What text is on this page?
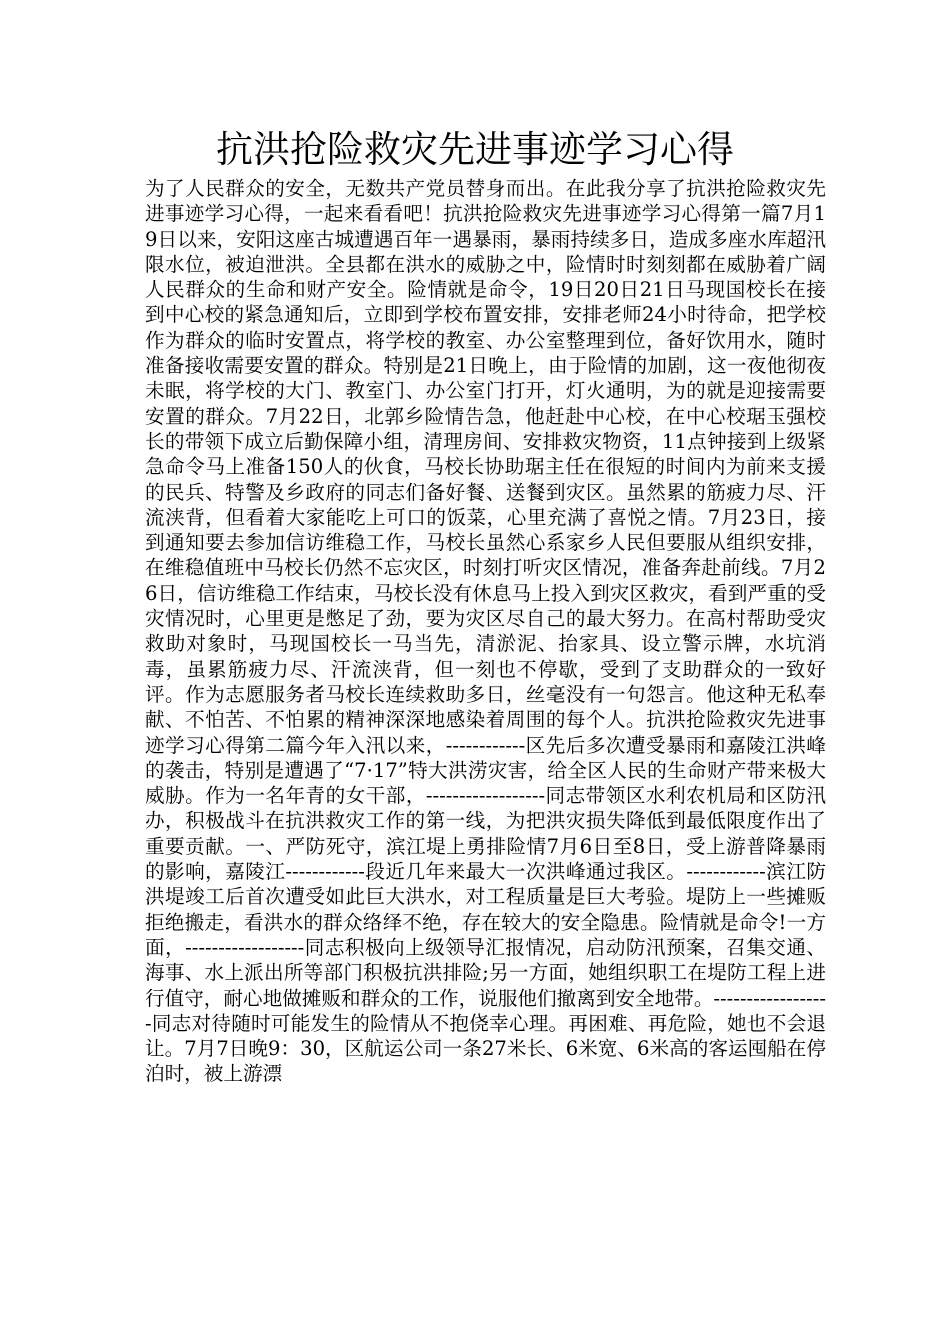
抗洪抢险救灾先进事迹学习心得

为了人民群众的安全，无数共产党员替身而出。在此我分享了抗洪抢险救灾先进事迹学习心得，一起来看看吧！抗洪抢险救灾先进事迹学习心得第一篇7月19日以来，安阳这座古城遭遇百年一遇暴雨，暴雨持续多日，造成多座水库超汛限水位，被迫泄洪。全县都在洪水的威胁之中，险情时时刻刻都在威胁着广阔人民群众的生命和财产安全。险情就是命令，19日20日21日马现国校长在接到中心校的紧急通知后，立即到学校布置安排，安排老师24小时待命，把学校作为群众的临时安置点，将学校的教室、办公室整理到位，备好饮用水，随时准备接收需要安置的群众。特别是21日晚上，由于险情的加剧，这一夜他彻夜未眠，将学校的大门、教室门、办公室门打开，灯火通明，为的就是迎接需要安置的群众。7月22日，北郭乡险情告急，他赶赴中心校，在中心校琚玉强校长的带领下成立后勤保障小组，清理房间、安排救灾物资，11点钟接到上级紧急命令马上准备150人的伙食，马校长协助琚主任在很短的时间内为前来支援的民兵、特警及乡政府的同志们备好餐、送餐到灾区。虽然累的筋疲力尽、汗流浃背，但看着大家能吃上可口的饭菜，心里充满了喜悦之情。7月23日，接到通知要去参加信访维稳工作，马校长虽然心系家乡人民但要服从组织安排，在维稳值班中马校长仍然不忘灾区，时刻打听灾区情况，准备奔赴前线。7月26日，信访维稳工作结束，马校长没有休息马上投入到灾区救灾，看到严重的受灾情况时，心里更是憋足了劲，要为灾区尽自己的最大努力。在高村帮助受灾救助对象时，马现国校长一马当先，清淤泥、抬家具、设立警示牌，水坑消毒，虽累筋疲力尽、汗流浃背，但一刻也不停歇，受到了支助群众的一致好评。作为志愿服务者马校长连续救助多日，丝毫没有一句怨言。他这种无私奉献、不怕苦、不怕累的精神深深地感染着周围的每个人。抗洪抢险救灾先进事迹学习心得第二篇今年入汛以来，------------区先后多次遭受暴雨和嘉陵江洪峰的袭击，特别是遭遇了“7·17”特大洪涝灾害，给全区人民的生命财产带来极大威胁。作为一名年青的女干部，------------------同志带领区水利农机局和区防汛办，积极战斗在抗洪救灾工作的第一线，为把洪灾损失降低到最低限度作出了重要贡献。一、严防死守，滨江堤上勇排险情7月6日至8日，受上游普降暴雨的影响，嘉陵江------------段近几年来最大一次洪峰通过我区。------------滨江防洪堤竣工后首次遭受如此巨大洪水，对工程质量是巨大考验。堤防上一些摊贩拒绝搬走，看洪水的群众络绎不绝，存在较大的安全隐患。险情就是命令!一方面，------------------同志积极向上级领导汇报情况，启动防汛预案，召集交通、海事、水上派出所等部门积极抗洪排险;另一方面，她组织职工在堤防工程上进行值守，耐心地做摊贩和群众的工作，说服他们撤离到安全地带。------------------同志对待随时可能发生的险情从不抱侥幸心理。再困难、再危险，她也不会退让。7月7日晚9：30，区航运公司一条27米长、6米宽、6米高的客运囤船在停泊时，被上游漂
